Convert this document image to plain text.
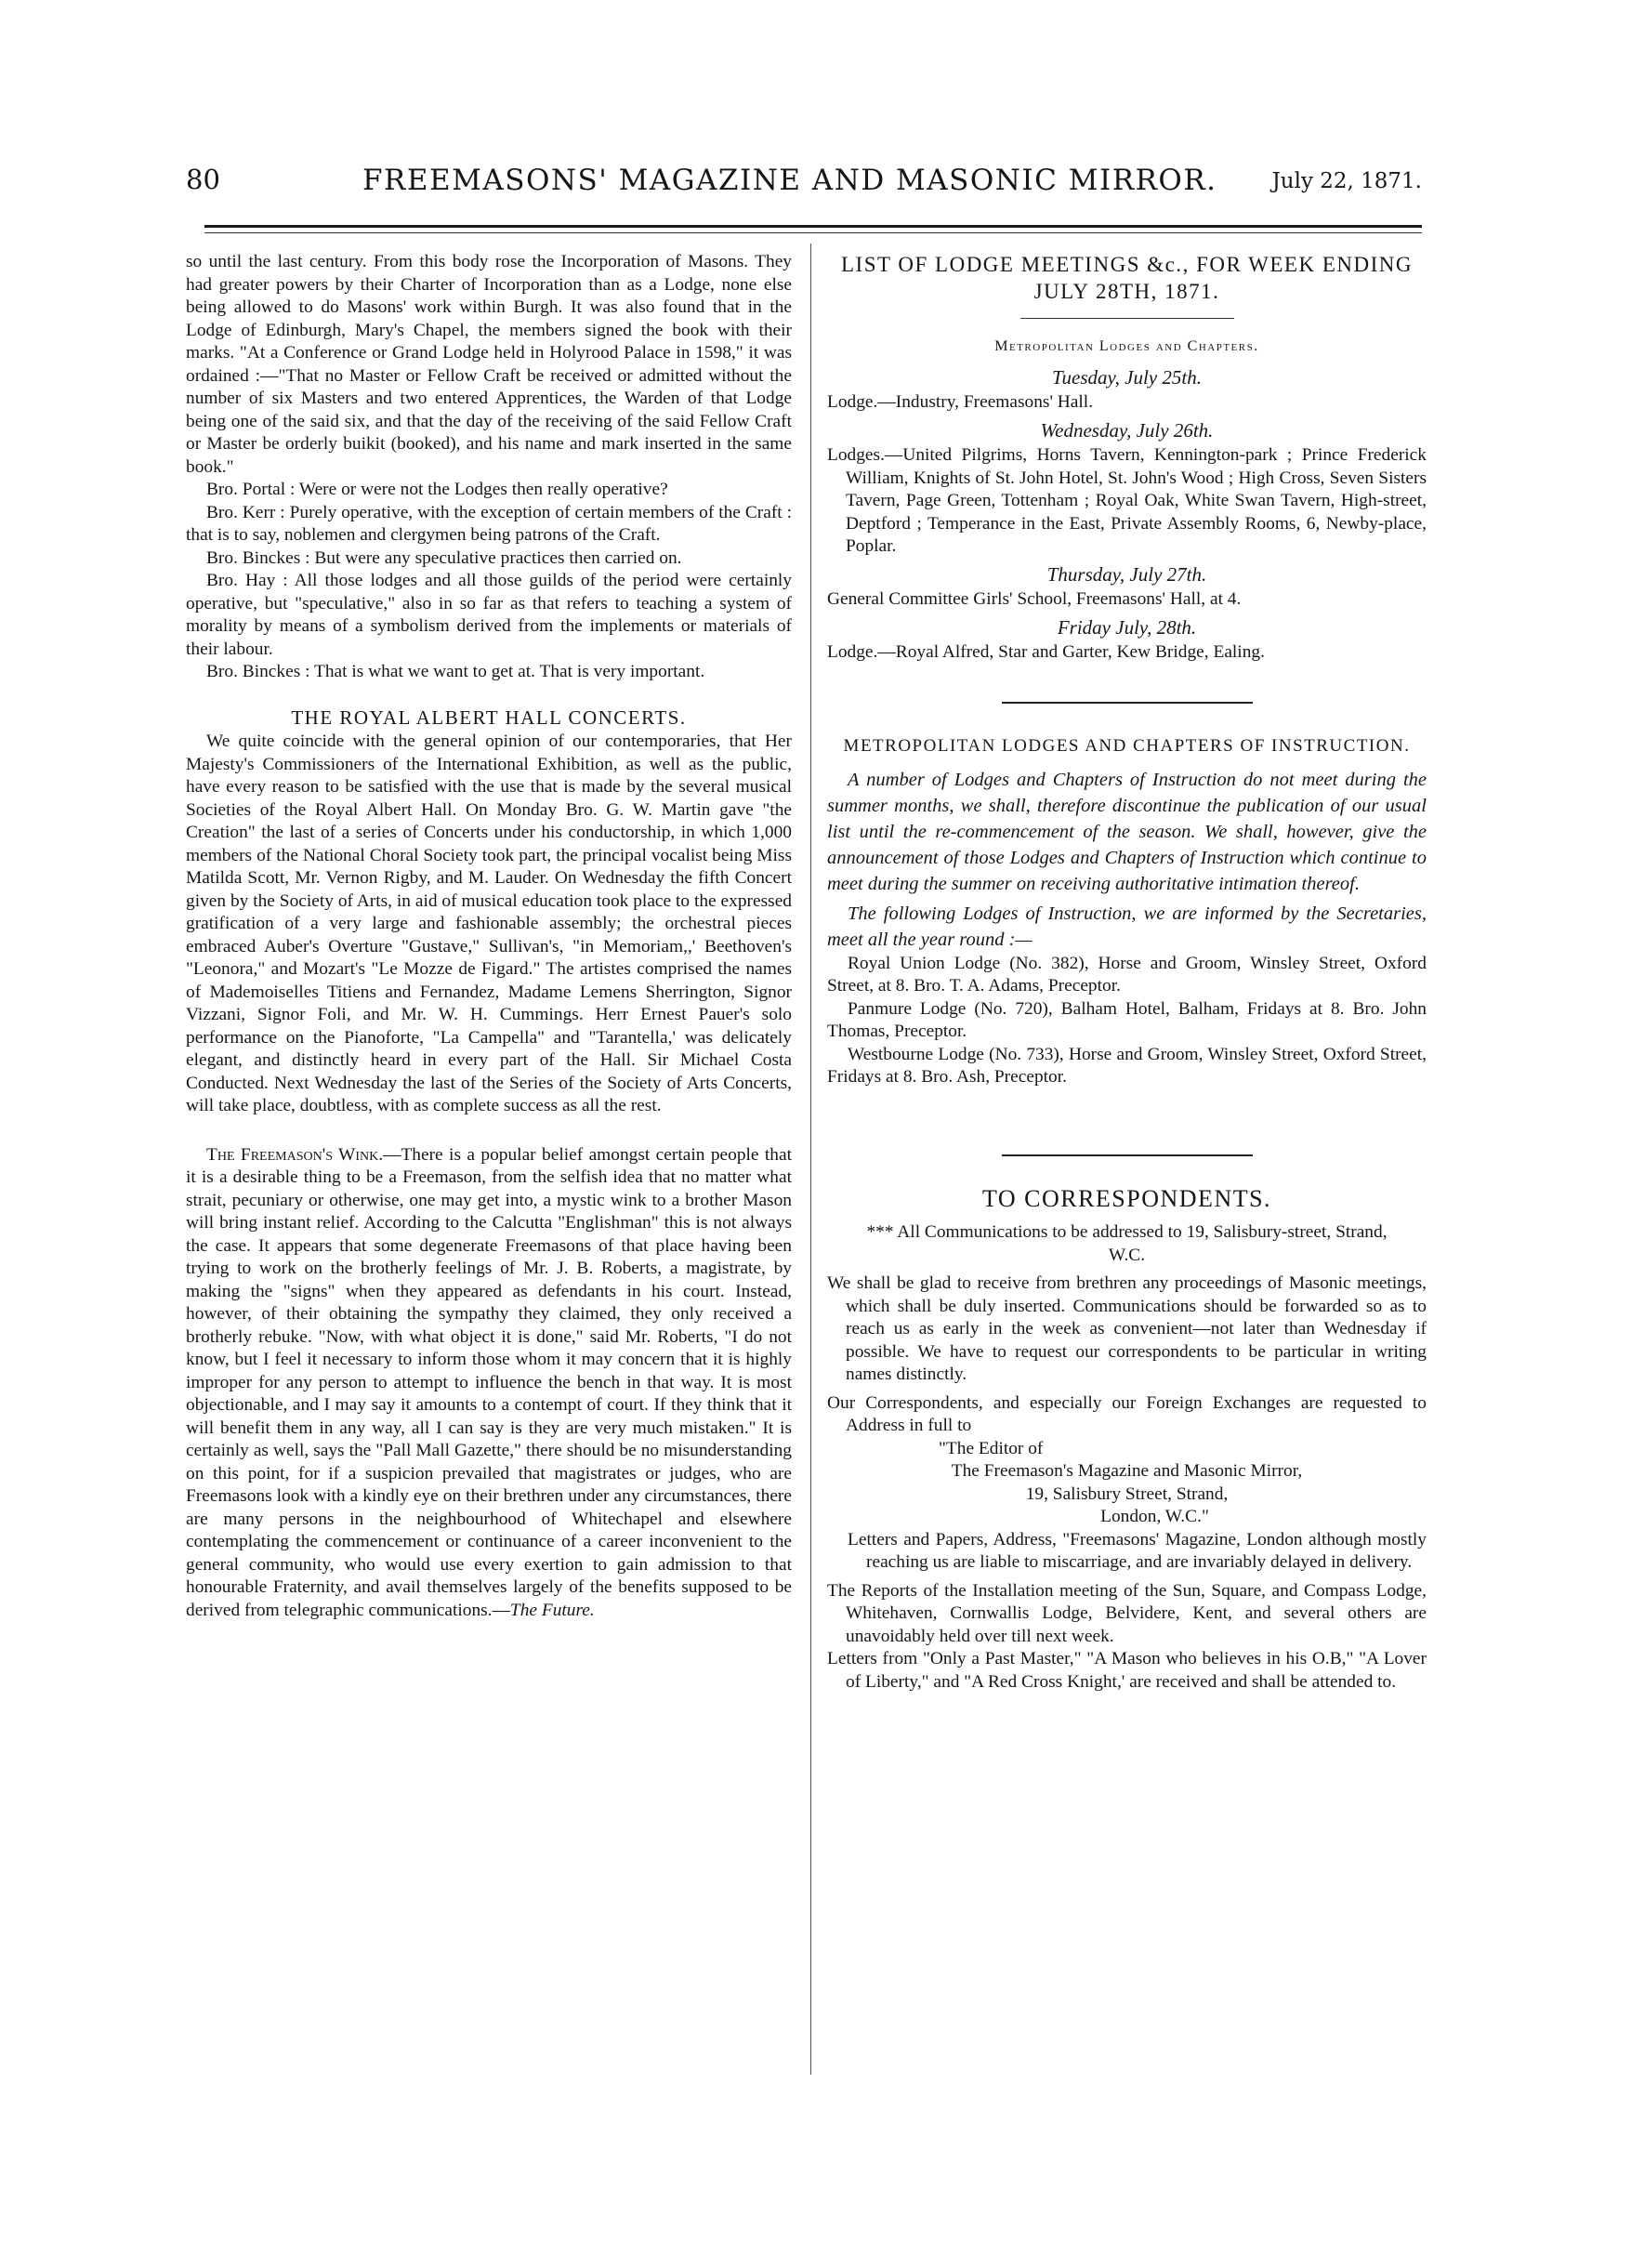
80	FREEMASONS' MAGAZINE AND MASONIC MIRROR.	July 22, 1871.

so until the last century. From this body rose the Incorporation of Masons. They had greater powers by their Charter of Incorporation than as a Lodge, none else being allowed to do Masons' work within Burgh. It was also found that in the Lodge of Edinburgh, Mary's Chapel, the members signed the book with their marks. "At a Conference or Grand Lodge held in Holyrood Palace in 1598," it was ordained :—"That no Master or Fellow Craft be received or admitted without the number of six Masters and two entered Apprentices, the Warden of that Lodge being one of the said six, and that the day of the receiving of the said Fellow Craft or Master be orderly buikit (booked), and his name and mark inserted in the same book."

Bro. Portal : Were or were not the Lodges then really operative?

Bro. Kerr : Purely operative, with the exception of certain members of the Craft : that is to say, noblemen and clergymen being patrons of the Craft.

Bro. Binckes : But were any speculative practices then carried on.

Bro. Hay : All those lodges and all those guilds of the period were certainly operative, but "speculative," also in so far as that refers to teaching a system of morality by means of a symbolism derived from the implements or materials of their labour.

Bro. Binckes : That is what we want to get at. That is very important.

THE ROYAL ALBERT HALL CONCERTS.

We quite coincide with the general opinion of our contemporaries, that Her Majesty's Commissioners of the International Exhibition, as well as the public, have every reason to be satisfied with the use that is made by the several musical Societies of the Royal Albert Hall. On Monday Bro. G. W. Martin gave "the Creation" the last of a series of Concerts under his conductorship, in which 1,000 members of the National Choral Society took part, the principal vocalist being Miss Matilda Scott, Mr. Vernon Rigby, and M. Lauder. On Wednesday the fifth Concert given by the Society of Arts, in aid of musical education took place to the expressed gratification of a very large and fashionable assembly; the orchestral pieces embraced Auber's Overture "Gustave," Sullivan's, "in Memoriam,,' Beethoven's "Leonora," and Mozart's "Le Mozze de Figard." The artistes comprised the names of Mademoiselles Titiens and Fernandez, Madame Lemens Sherrington, Signor Vizzani, Signor Foli, and Mr. W. H. Cummings. Herr Ernest Pauer's solo performance on the Pianoforte, "La Campella" and "Tarantella,' was delicately elegant, and distinctly heard in every part of the Hall. Sir Michael Costa Conducted. Next Wednesday the last of the Series of the Society of Arts Concerts, will take place, doubtless, with as complete success as all the rest.

The Freemason's Wink.—There is a popular belief amongst certain people that it is a desirable thing to be a Freemason, from the selfish idea that no matter what strait, pecuniary or otherwise, one may get into, a mystic wink to a brother Mason will bring instant relief. According to the Calcutta "Englishman" this is not always the case. It appears that some degenerate Freemasons of that place having been trying to work on the brotherly feelings of Mr. J. B. Roberts, a magistrate, by making the "signs" when they appeared as defendants in his court. Instead, however, of their obtaining the sympathy they claimed, they only received a brotherly rebuke. "Now, with what object it is done," said Mr. Roberts, "I do not know, but I feel it necessary to inform those whom it may concern that it is highly improper for any person to attempt to influence the bench in that way. It is most objectionable, and I may say it amounts to a contempt of court. If they think that it will benefit them in any way, all I can say is they are very much mistaken." It is certainly as well, says the "Pall Mall Gazette," there should be no misunderstanding on this point, for if a suspicion prevailed that magistrates or judges, who are Freemasons look with a kindly eye on their brethren under any circumstances, there are many persons in the neighbourhood of Whitechapel and elsewhere contemplating the commencement or continuance of a career inconvenient to the general community, who would use every exertion to gain admission to that honourable Fraternity, and avail themselves largely of the benefits supposed to be derived from telegraphic communications.—The Future.

LIST OF LODGE MEETINGS &c., FOR WEEK ENDING JULY 28TH, 1871.
Metropolitan Lodges and Chapters.
Tuesday, July 25th.

Lodge.—Industry, Freemasons' Hall.

Wednesday, July 26th.

Lodges.—United Pilgrims, Horns Tavern, Kennington-park ; Prince Frederick William, Knights of St. John Hotel, St. John's Wood ; High Cross, Seven Sisters Tavern, Page Green, Tottenham ; Royal Oak, White Swan Tavern, High-street, Deptford ; Temperance in the East, Private Assembly Rooms, 6, Newby-place, Poplar.

Thursday, July 27th.

General Committee Girls' School, Freemasons' Hall, at 4.

Friday July, 28th.

Lodge.—Royal Alfred, Star and Garter, Kew Bridge, Ealing.

METROPOLITAN LODGES AND CHAPTERS OF INSTRUCTION.

A number of Lodges and Chapters of Instruction do not meet during the summer months, we shall, therefore discontinue the publication of our usual list until the re-commencement of the season. We shall, however, give the announcement of those Lodges and Chapters of Instruction which continue to meet during the summer on receiving authoritative intimation thereof.

The following Lodges of Instruction, we are informed by the Secretaries, meet all the year round :—

Royal Union Lodge (No. 382), Horse and Groom, Winsley Street, Oxford Street, at 8. Bro. T. A. Adams, Preceptor.

Panmure Lodge (No. 720), Balham Hotel, Balham, Fridays at 8. Bro. John Thomas, Preceptor.

Westbourne Lodge (No. 733), Horse and Groom, Winsley Street, Oxford Street, Fridays at 8. Bro. Ash, Preceptor.

TO CORRESPONDENTS.

*** All Communications to be addressed to 19, Salisbury-street, Strand, W.C.

We shall be glad to receive from brethren any proceedings of Masonic meetings, which shall be duly inserted. Communications should be forwarded so as to reach us as early in the week as convenient—not later than Wednesday if possible. We have to request our correspondents to be particular in writing names distinctly.

Our Correspondents, and especially our Foreign Exchanges are requested to Address in full to

"The Editor of
The Freemason's Magazine and Masonic Mirror,
19, Salisbury Street, Strand,
London, W.C."

Letters and Papers, Address, "Freemasons' Magazine, London although mostly reaching us are liable to miscarriage, and are invariably delayed in delivery.

The Reports of the Installation meeting of the Sun, Square, and Compass Lodge, Whitehaven, Cornwallis Lodge, Belvidere, Kent, and several others are unavoidably held over till next week.

Letters from "Only a Past Master," "A Mason who believes in his O.B," "A Lover of Liberty," and "A Red Cross Knight,' are received and shall be attended to.
